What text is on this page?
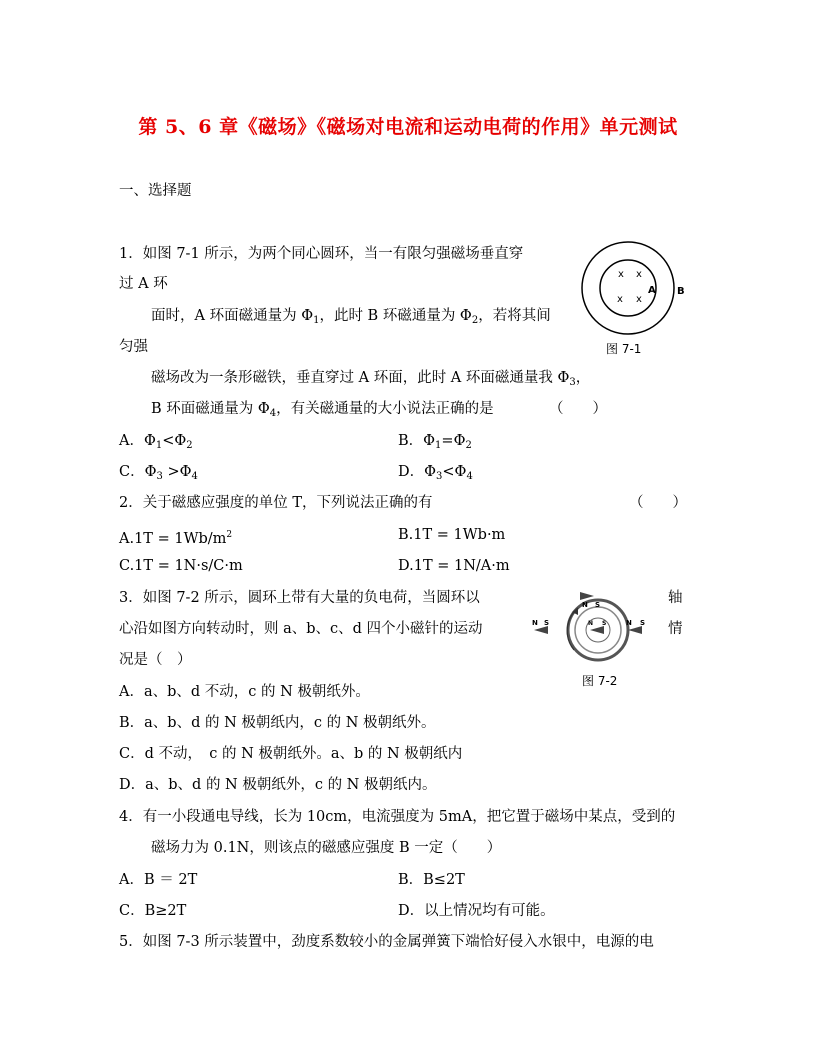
第 5、6 章《磁场》《磁场对电流和运动电荷的作用》单元测试
一、选择题
1．如图 7-1 所示，为两个同心圆环，当一有限匀强磁场垂直穿
过 A 环
面时，A 环面磁通量为 $\Phi_1$，此时 B 环磁通量为 $\Phi_2$，若将其间
匀强
磁场改为一条形磁铁，垂直穿过 A 环面，此时 A 环面磁通量我 $\Phi_3$，
B 环面磁通量为 $\Phi_4$，有关磁通量的大小说法正确的是	（　　）
A．$\Phi_1<\Phi_2$	B．$\Phi_1=\Phi_2$
C．$\Phi_3 >\Phi_4$	D．$\Phi_3<\Phi_4$
x x
x x
A B
图 7-1
2．关于磁感应强度的单位 T，下列说法正确的有	（　　）
$A.1T = 1Wb/m^2$	B.1T = 1Wb·m
C.1T = 1N·s/C·m	D.1T = 1N/A·m
3．如图 7-2 所示，圆环上带有大量的负电荷，当圆环以	轴
心沿如图方向转动时，则 a、b、c、d 四个小磁针的运动	情
况是（　）
N S
N S	N S	N S
图 7-2
A．a、b、d 不动，c 的 N 极朝纸外。
B．a、b、d 的 N 极朝纸内，c 的 N 极朝纸外。
C．d 不动，　c 的 N 极朝纸外。a、b 的 N 极朝纸内
D．a、b、d 的 N 极朝纸外，c 的 N 极朝纸内。
4．有一小段通电导线，长为 10cm，电流强度为 5mA，把它置于磁场中某点，受到的
磁场力为 0.1N，则该点的磁感应强度 B 一定（　　）
A．B ＝ 2T	B．B≤2T
C．B≥2T	D．以上情况均有可能。
5．如图 7-3 所示装置中，劲度系数较小的金属弹簧下端恰好侵入水银中，电源的电
